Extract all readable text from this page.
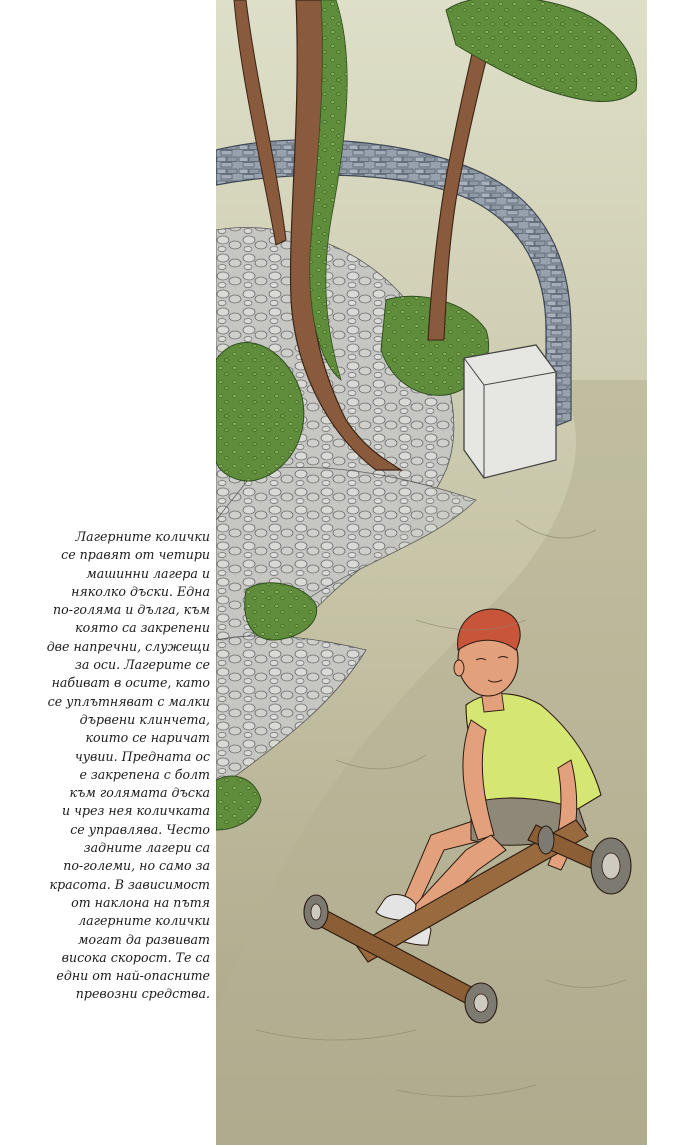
Лагерните колички
се правят от четири
машинни лагера и
няколко дъски. Една
по-голяма и дълга, към
която са закрепени
две напречни, служещи
за оси. Лагерите се
набиват в осите, като
се уплътняват с малки
дървени клинчета,
които се наричат
чувии. Предната ос
е закрепена с болт
към голямата дъска
и чрез нея количката
се управлява. Често
задните лагери са
по-големи, но само за
красота. В зависимост
от наклона на пътя
лагерните колички
могат да развиват
висока скорост. Те са
едни от най-опасните
превозни средства.
